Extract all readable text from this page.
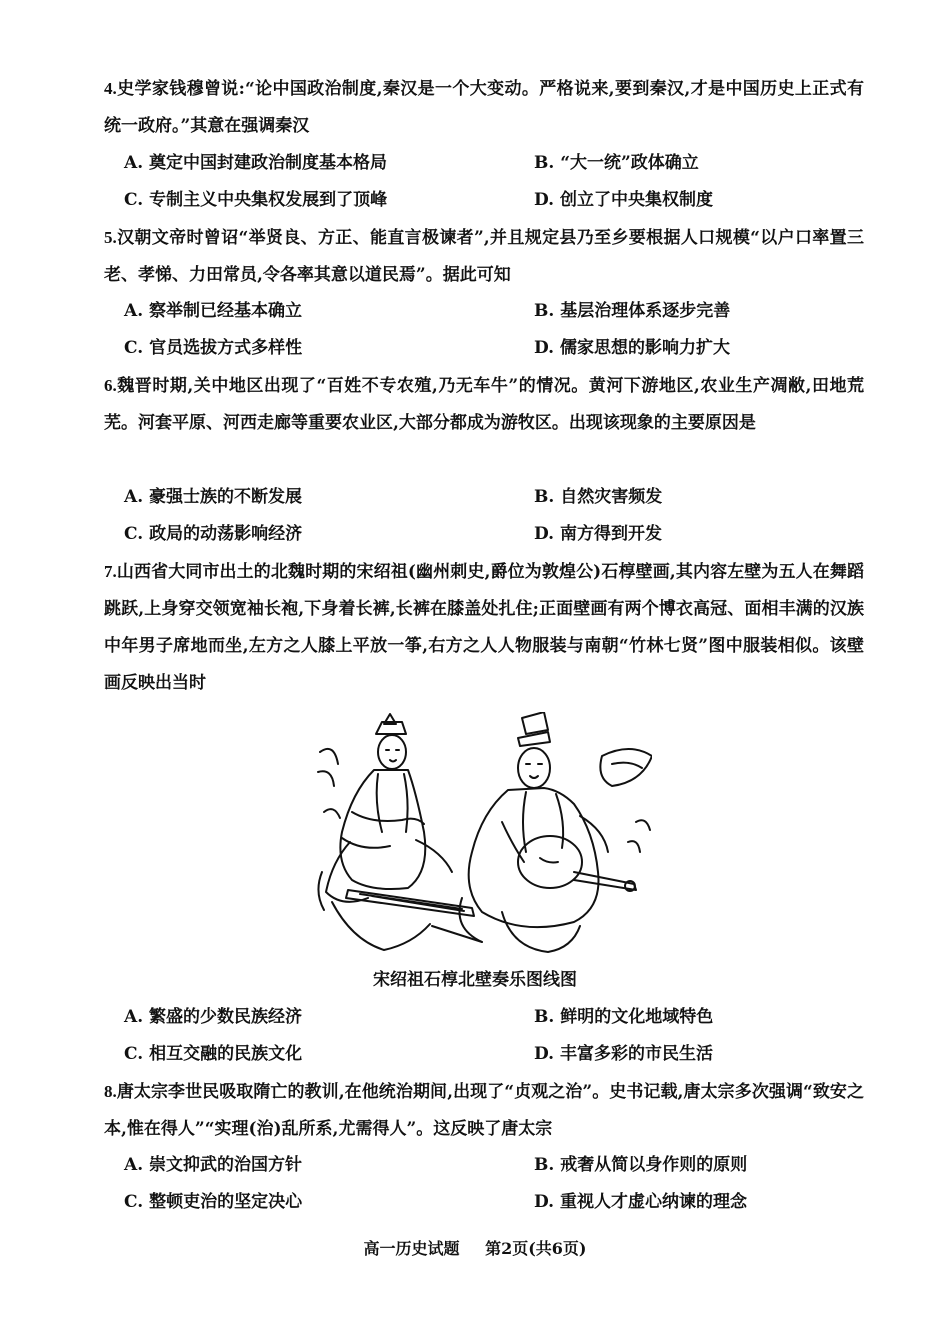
4.史学家钱穆曾说:“论中国政治制度,秦汉是一个大变动。严格说来,要到秦汉,才是中国历史上正式有统一政府。”其意在强调秦汉
A. 奠定中国封建政治制度基本格局	B. “大一统”政体确立
C. 专制主义中央集权发展到了顶峰	D. 创立了中央集权制度
5.汉朝文帝时曾诏“举贤良、方正、能直言极谏者”,并且规定县乃至乡要根据人口规模“以户口率置三老、孝悌、力田常员,令各率其意以道民焉”。据此可知
A. 察举制已经基本确立	B. 基层治理体系逐步完善
C. 官员选拔方式多样性	D. 儒家思想的影响力扩大
6.魏晋时期,关中地区出现了“百姓不专农殖,乃无车牛”的情况。黄河下游地区,农业生产凋敝,田地荒芜。河套平原、河西走廊等重要农业区,大部分都成为游牧区。出现该现象的主要原因是
A. 豪强士族的不断发展	B. 自然灾害频发
C. 政局的动荡影响经济	D. 南方得到开发
7.山西省大同市出土的北魏时期的宋绍祖(幽州刺史,爵位为敦煌公)石椁壁画,其内容左壁为五人在舞蹈跳跃,上身穿交领宽袖长袍,下身着长裤,长裤在膝盖处扎住;正面壁画有两个博衣高冠、面相丰满的汉族中年男子席地而坐,左方之人膝上平放一筝,右方之人人物服装与南朝“竹林七贤”图中服装相似。该壁画反映出当时
宋绍祖石椁北壁奏乐图线图
A. 繁盛的少数民族经济	B. 鲜明的文化地域特色
C. 相互交融的民族文化	D. 丰富多彩的市民生活
8.唐太宗李世民吸取隋亡的教训,在他统治期间,出现了“贞观之治”。史书记载,唐太宗多次强调“致安之本,惟在得人”“实理(治)乱所系,尤需得人”。这反映了唐太宗
A. 崇文抑武的治国方针	B. 戒奢从简以身作则的原则
C. 整顿吏治的坚定决心	D. 重视人才虚心纳谏的理念
高一历史试题 第2页(共6页)
